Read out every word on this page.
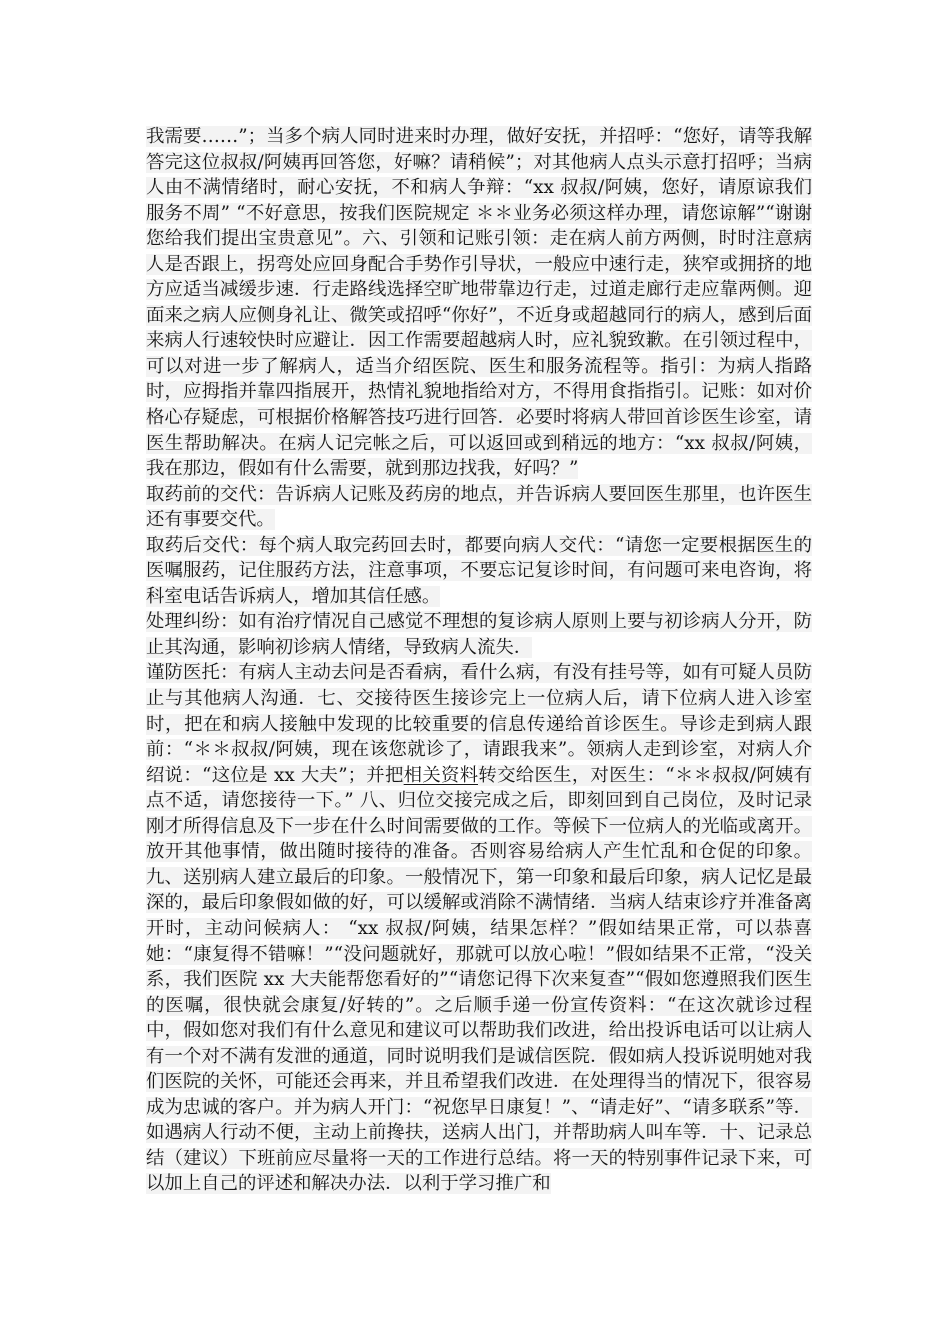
我需要……”；当多个病人同时进来时办理，做好安抚，并招呼：“您好，请等我解答完这位叔叔/阿姨再回答您，好嘛？请稍候”；对其他病人点头示意打招呼；当病人由不满情绪时，耐心安抚，不和病人争辩：“xx 叔叔/阿姨，您好，请原谅我们服务不周” “不好意思，按我们医院规定 ＊＊业务必须这样办理，请您谅解”“谢谢您给我们提出宝贵意见”。六、引领和记账引领：走在病人前方两侧，时时注意病人是否跟上，拐弯处应回身配合手势作引导状，一般应中速行走，狭窄或拥挤的地方应适当减缓步速．行走路线选择空旷地带靠边行走，过道走廊行走应靠两侧。迎面来之病人应侧身礼让、微笑或招呼“你好”，不近身或超越同行的病人，感到后面来病人行速较快时应避让．因工作需要超越病人时，应礼貌致歉。在引领过程中，可以对进一步了解病人，适当介绍医院、医生和服务流程等。指引：为病人指路时，应拇指并靠四指展开，热情礼貌地指给对方，不得用食指指引。记账：如对价格心存疑虑，可根据价格解答技巧进行回答．必要时将病人带回首诊医生诊室，请医生帮助解决。在病人记完帐之后，可以返回或到稍远的地方：“xx 叔叔/阿姨，我在那边，假如有什么需要，就到那边找我，好吗？”

取药前的交代：告诉病人记账及药房的地点，并告诉病人要回医生那里，也许医生还有事要交代。

取药后交代：每个病人取完药回去时，都要向病人交代：“请您一定要根据医生的医嘱服药，记住服药方法，注意事项，不要忘记复诊时间，有问题可来电咨询，将科室电话告诉病人，增加其信任感。

处理纠纷：如有治疗情况自己感觉不理想的复诊病人原则上要与初诊病人分开，防止其沟通，影响初诊病人情绪，导致病人流失．

谨防医托：有病人主动去问是否看病，看什么病，有没有挂号等，如有可疑人员防止与其他病人沟通．七、交接待医生接诊完上一位病人后，请下位病人进入诊室时，把在和病人接触中发现的比较重要的信息传递给首诊医生。导诊走到病人跟前：“＊＊叔叔/阿姨，现在该您就诊了，请跟我来”。领病人走到诊室，对病人介绍说：“这位是 xx 大夫”；并把相关资料转交给医生，对医生：“＊＊叔叔/阿姨有点不适，请您接待一下。” 八、归位交接完成之后，即刻回到自己岗位，及时记录刚才所得信息及下一步在什么时间需要做的工作。等候下一位病人的光临或离开。放开其他事情，做出随时接待的准备。否则容易给病人产生忙乱和仓促的印象。九、送别病人建立最后的印象。一般情况下，第一印象和最后印象，病人记忆是最深的，最后印象假如做的好，可以缓解或消除不满情绪．当病人结束诊疗并准备离开时，主动问候病人： “xx 叔叔/阿姨，结果怎样？”假如结果正常，可以恭喜她：“康复得不错嘛！”“没问题就好，那就可以放心啦！”假如结果不正常，“没关系，我们医院 xx 大夫能帮您看好的”“请您记得下次来复查”“假如您遵照我们医生的医嘱，很快就会康复/好转的”。之后顺手递一份宣传资料：“在这次就诊过程中，假如您对我们有什么意见和建议可以帮助我们改进，给出投诉电话可以让病人有一个对不满有发泄的通道，同时说明我们是诚信医院．假如病人投诉说明她对我们医院的关怀，可能还会再来，并且希望我们改进．在处理得当的情况下，很容易成为忠诚的客户。并为病人开门：“祝您早日康复！”、“请走好”、“请多联系”等．如遇病人行动不便，主动上前搀扶，送病人出门，并帮助病人叫车等．十、记录总结（建议）下班前应尽量将一天的工作进行总结。将一天的特别事件记录下来，可以加上自己的评述和解决办法．以利于学习推广和
